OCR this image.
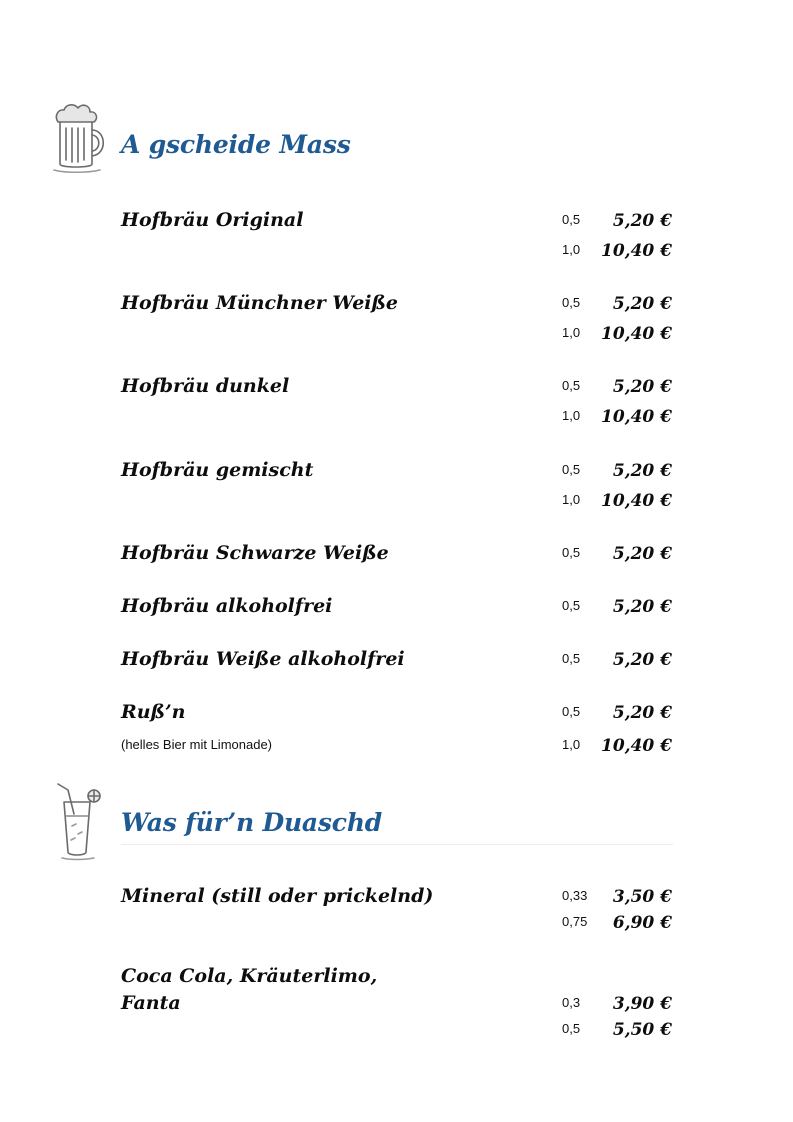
A gscheide Mass
Hofbräu Original	0,5 5,20 €
1,0 10,40 €
Hofbräu Münchner Weiße	0,5 5,20 €
1,0 10,40 €
Hofbräu dunkel	0,5 5,20 €
1,0 10,40 €
Hofbräu gemischt	0,5 5,20 €
1,0 10,40 €
Hofbräu Schwarze Weiße	0,5 5,20 €
Hofbräu alkoholfrei	0,5 5,20 €
Hofbräu Weiße alkoholfrei	0,5 5,20 €
Ruß’n	0,5 5,20 €
(helles Bier mit Limonade)	1,0 10,40 €
Was für’n Duaschd
Mineral (still oder prickelnd)	0,33 3,50 €
0,75 6,90 €
Coca Cola, Kräuterlimo,
Fanta	0,3 3,90 €
0,5 5,50 €
